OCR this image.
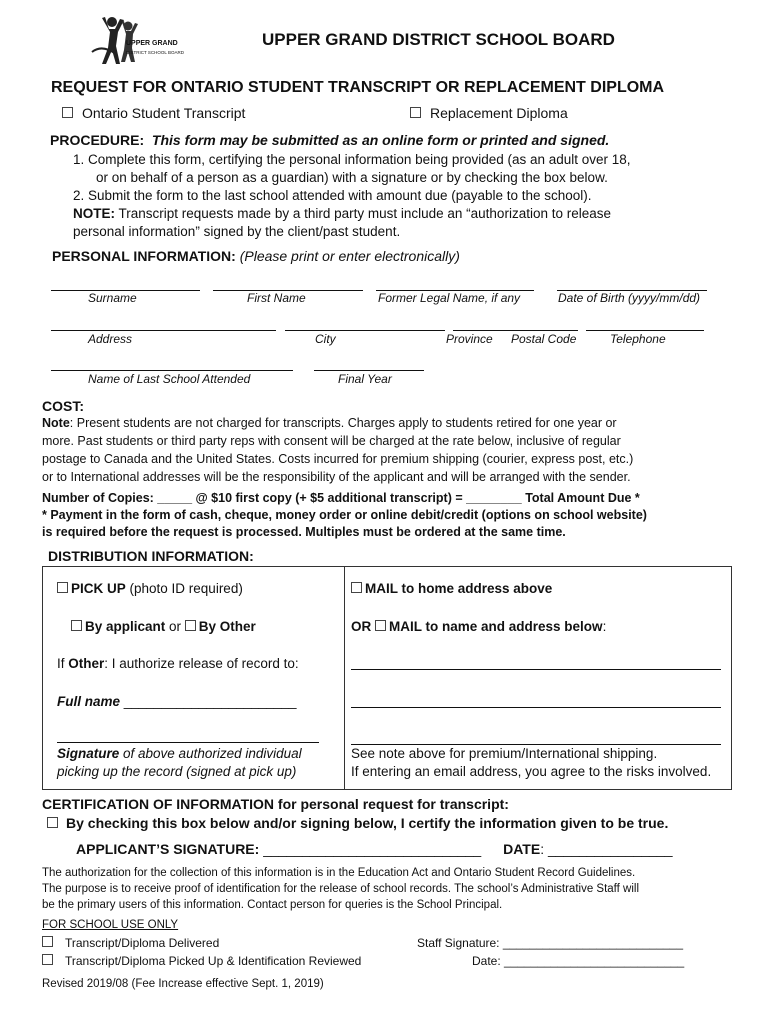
UPPER GRAND
DISTRICT SCHOOL BOARD
UPPER GRAND DISTRICT SCHOOL BOARD
REQUEST FOR ONTARIO STUDENT TRANSCRIPT OR REPLACEMENT DIPLOMA
Ontario Student Transcript	Replacement Diploma
PROCEDURE: This form may be submitted as an online form or printed and signed.
1. Complete this form, certifying the personal information being provided (as an adult over 18,
or on behalf of a person as a guardian) with a signature or by checking the box below.
2. Submit the form to the last school attended with amount due (payable to the school).
NOTE: Transcript requests made by a third party must include an “authorization to release
personal information” signed by the client/past student.
PERSONAL INFORMATION: (Please print or enter electronically)
Surname	First Name	Former Legal Name, if any	Date of Birth (yyyy/mm/dd)
Address	City	Province Postal Code	Telephone
Name of Last School Attended	Final Year
COST:
Note: Present students are not charged for transcripts. Charges apply to students retired for one year or
more. Past students or third party reps with consent will be charged at the rate below, inclusive of regular
postage to Canada and the United States. Costs incurred for premium shipping (courier, express post, etc.)
or to International addresses will be the responsibility of the applicant and will be arranged with the sender.
Number of Copies: _____ @ $10 first copy (+ $5 additional transcript) = ________ Total Amount Due *
* Payment in the form of cash, cheque, money order or online debit/credit (options on school website)
is required before the request is processed. Multiples must be ordered at the same time.
DISTRIBUTION INFORMATION:
PICK UP (photo ID required)
By applicant or By Other
If Other: I authorize release of record to:
Full name _______________________
Signature of above authorized individual
picking up the record (signed at pick up)
MAIL to home address above
OR MAIL to name and address below:
See note above for premium/International shipping.
If entering an email address, you agree to the risks involved.
CERTIFICATION OF INFORMATION for personal request for transcript:
By checking this box below and/or signing below, I certify the information given to be true.
APPLICANT’S SIGNATURE: ____________________________ DATE: ________________
The authorization for the collection of this information is in the Education Act and Ontario Student Record Guidelines.
The purpose is to receive proof of identification for the release of school records. The school’s Administrative Staff will
be the primary users of this information. Contact person for queries is the School Principal.
FOR SCHOOL USE ONLY
Transcript/Diploma Delivered
Transcript/Diploma Picked Up & Identification Reviewed
Staff Signature: ___________________________
Date: ___________________________
Revised 2019/08 (Fee Increase effective Sept. 1, 2019)
